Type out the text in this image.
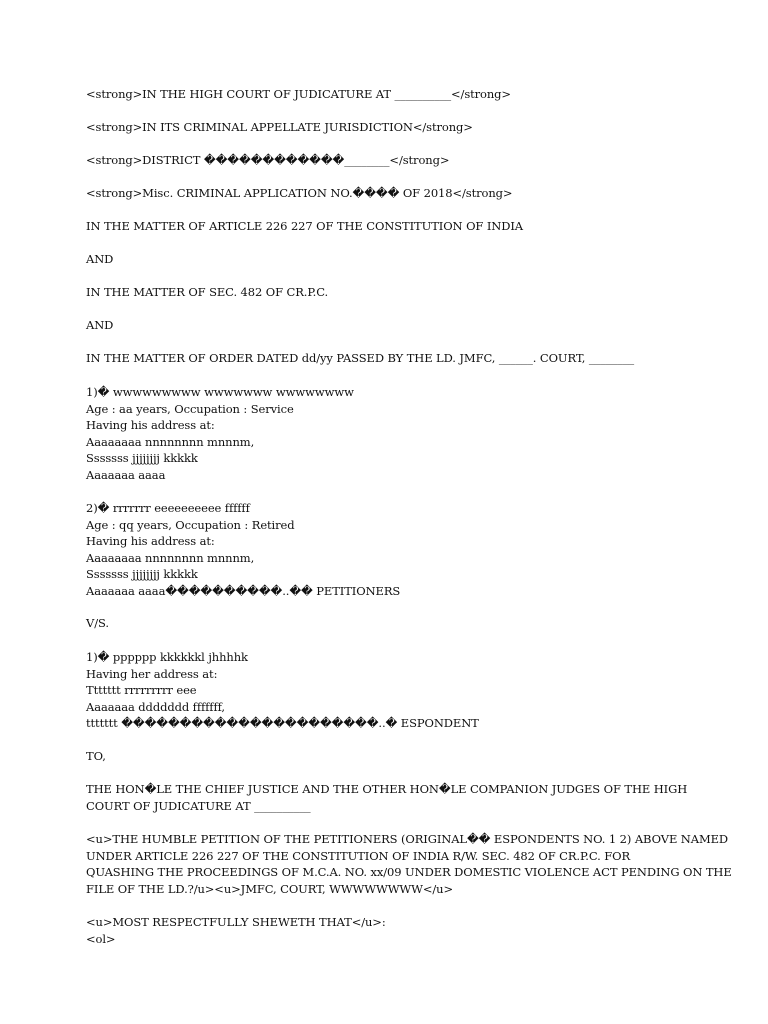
<strong>IN THE HIGH COURT OF JUDICATURE AT __________</strong>
<strong>IN ITS CRIMINAL APPELLATE JURISDICTION</strong>
<strong>DISTRICT ������������________</strong>
<strong>Misc. CRIMINAL APPLICATION NO.���� OF 2018</strong>
IN THE MATTER OF ARTICLE 226 227 OF THE CONSTITUTION OF INDIA
AND
IN THE MATTER OF SEC. 482 OF CR.P.C.
AND
IN THE MATTER OF ORDER DATED dd/yy PASSED BY THE LD. JMFC, ______. COURT, ________
1)� wwwwwwwww wwwwwww wwwwwwww
Age : aa years, Occupation : Service
Having his address at:
Aaaaaaaa nnnnnnnn mnnnm,
Sssssss jjjjjjjj kkkkk
Aaaaaaa aaaa
2)� rrrrrrr eeeeeeeeee ffffff
Age : qq years, Occupation : Retired
Having his address at:
Aaaaaaaa nnnnnnnn mnnnm,
Sssssss jjjjjjjj kkkkk
Aaaaaaa aaaa����������..�� PETITIONERS
V/S.
1)� pppppp kkkkkkl jhhhhk
Having her address at:
Ttttttt rrrrrrrrr eee
Aaaaaaa ddddddd fffffff,
ttttttt ����������������������..� ESPONDENT
TO,
THE HON�LE THE CHIEF JUSTICE AND THE OTHER HON�LE COMPANION JUDGES OF THE HIGH
COURT OF JUDICATURE AT __________
<u>THE HUMBLE PETITION OF THE PETITIONERS (ORIGINAL�� ESPONDENTS NO. 1 2) ABOVE NAMED
UNDER ARTICLE 226 227 OF THE CONSTITUTION OF INDIA R/W. SEC. 482 OF CR.P.C. FOR
QUASHING THE PROCEEDINGS OF M.C.A. NO. xx/09 UNDER DOMESTIC VIOLENCE ACT PENDING ON THE
FILE OF THE LD.?/u><u>JMFC, COURT, WWWWWWWW</u>
<u>MOST RESPECTFULLY SHEWETH THAT</u>:
<ol>
